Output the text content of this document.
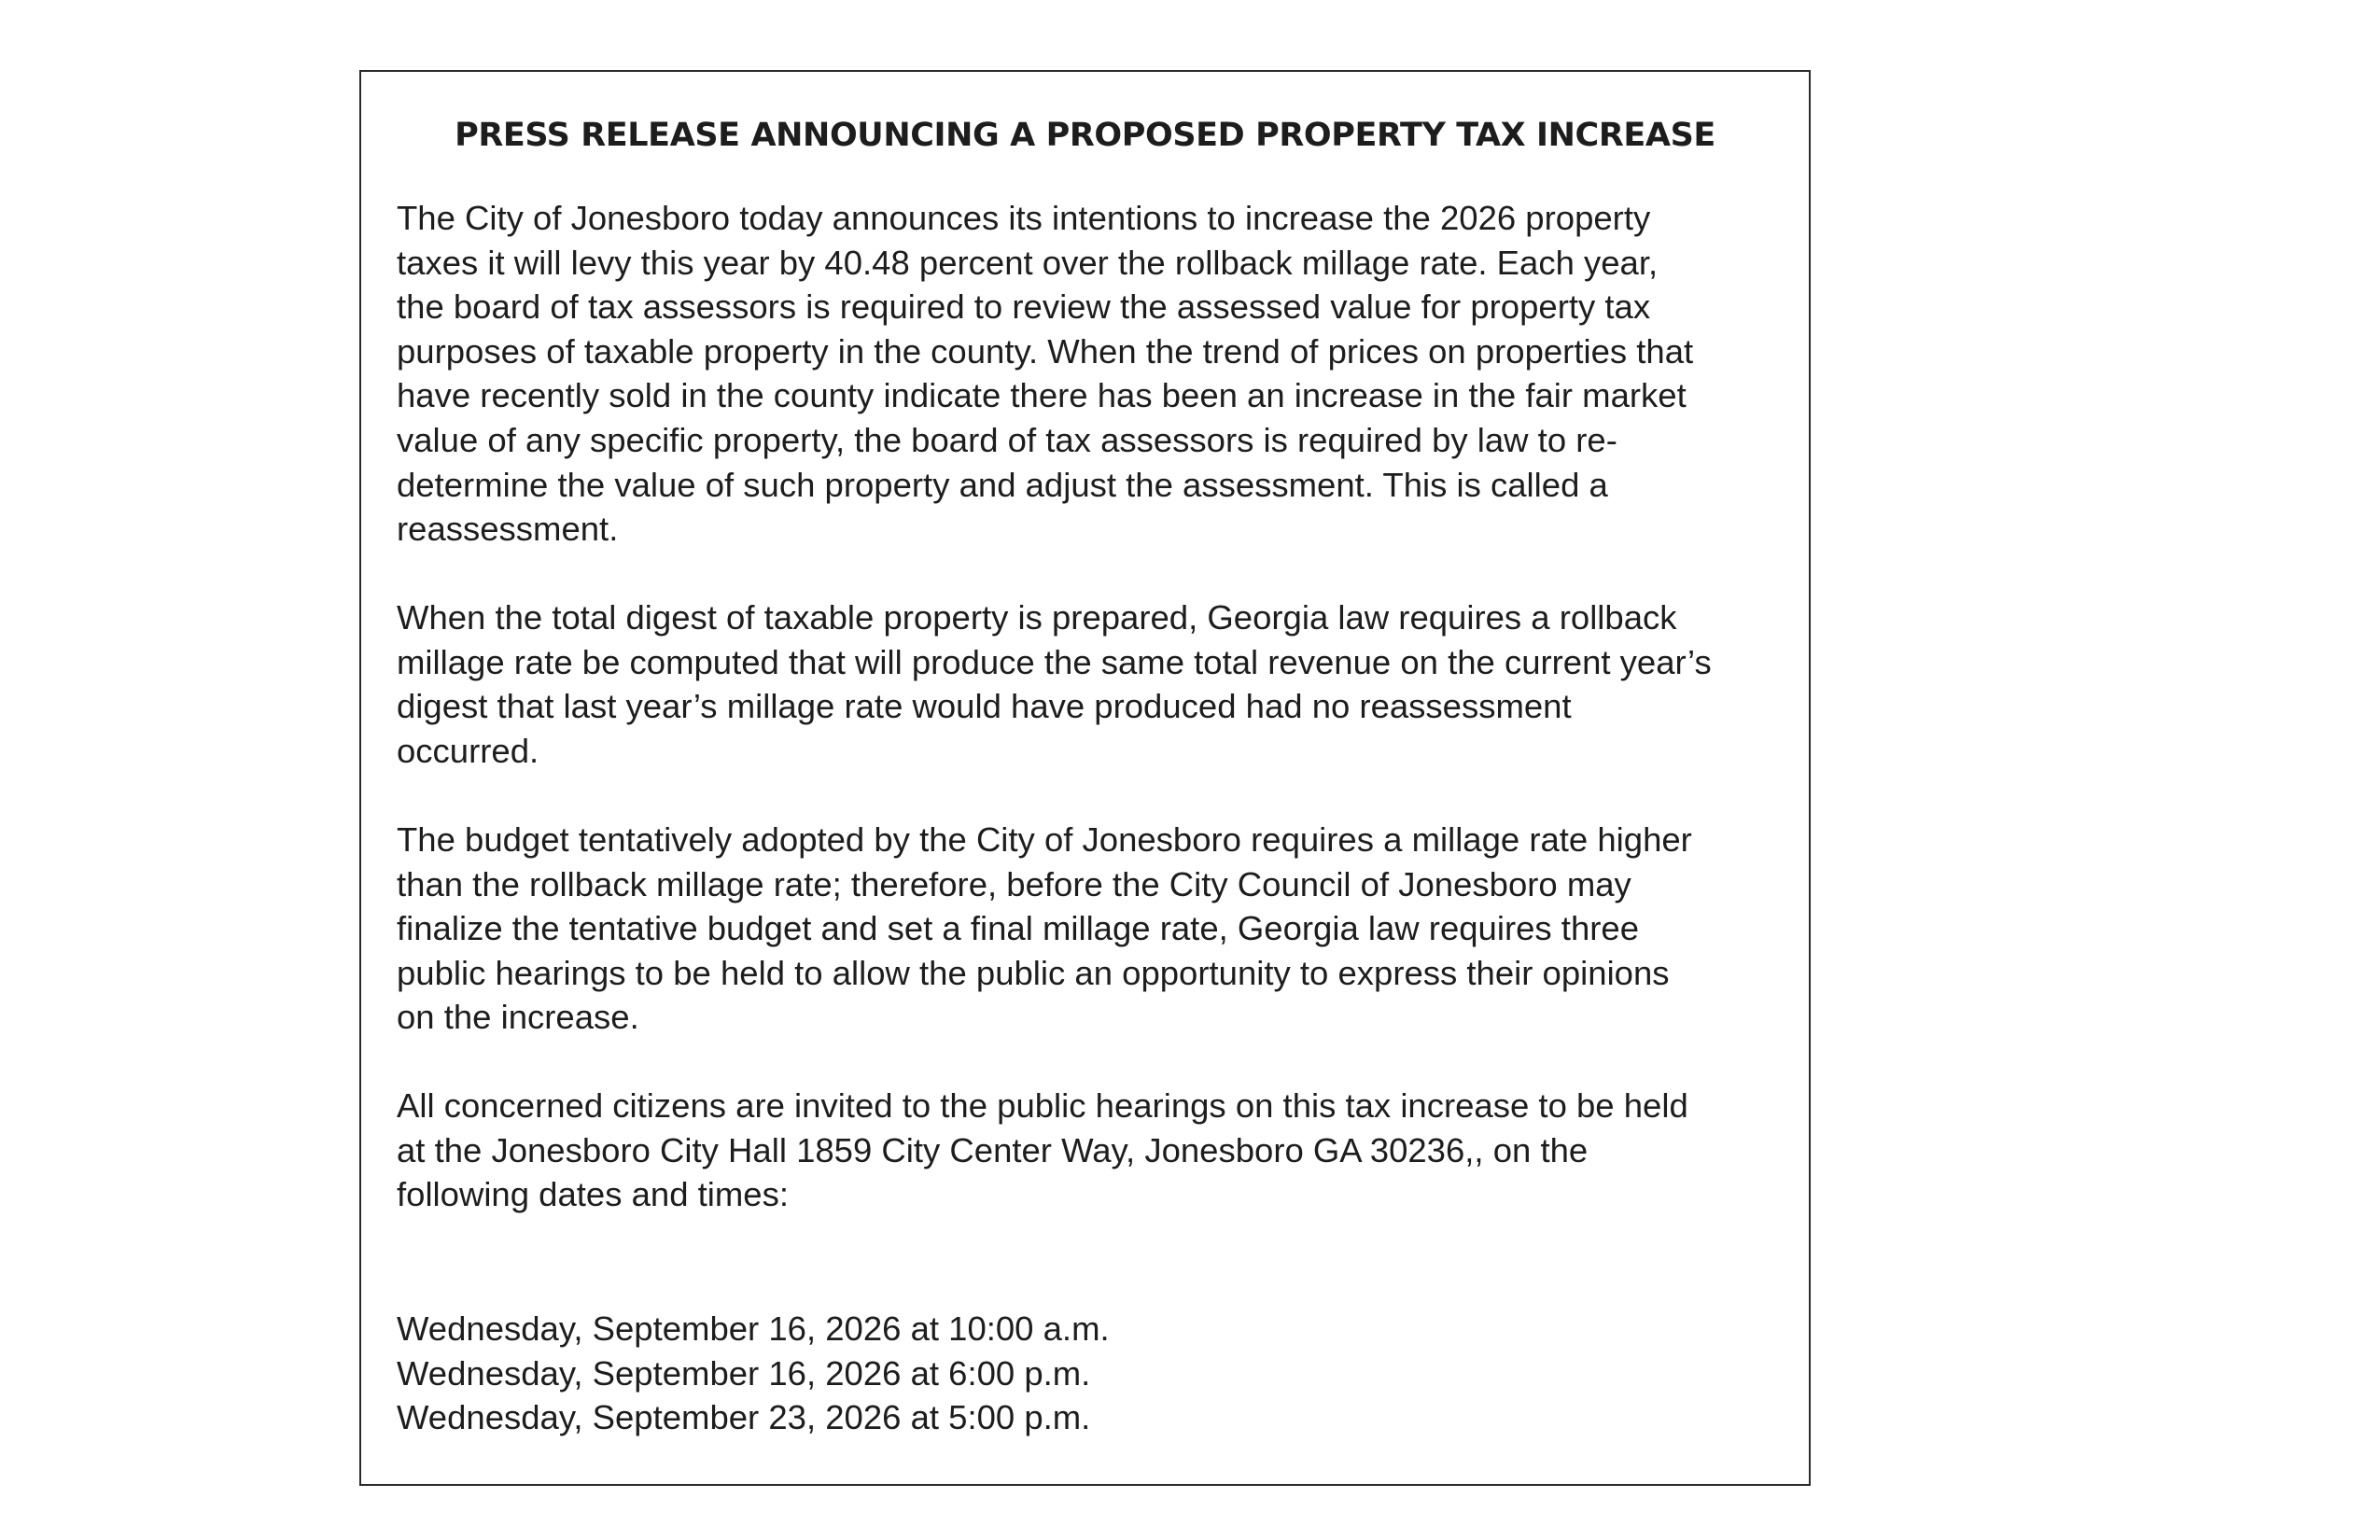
PRESS RELEASE ANNOUNCING A PROPOSED PROPERTY TAX INCREASE

The City of Jonesboro today announces its intentions to increase the 2026 property
taxes it will levy this year by 40.48 percent over the rollback millage rate. Each year,
the board of tax assessors is required to review the assessed value for property tax
purposes of taxable property in the county. When the trend of prices on properties that
have recently sold in the county indicate there has been an increase in the fair market
value of any specific property, the board of tax assessors is required by law to re-
determine the value of such property and adjust the assessment. This is called a
reassessment.

When the total digest of taxable property is prepared, Georgia law requires a rollback
millage rate be computed that will produce the same total revenue on the current year’s
digest that last year’s millage rate would have produced had no reassessment
occurred.

The budget tentatively adopted by the City of Jonesboro requires a millage rate higher
than the rollback millage rate; therefore, before the City Council of Jonesboro may
finalize the tentative budget and set a final millage rate, Georgia law requires three
public hearings to be held to allow the public an opportunity to express their opinions
on the increase.

All concerned citizens are invited to the public hearings on this tax increase to be held
at the Jonesboro City Hall 1859 City Center Way, Jonesboro GA 30236,, on the
following dates and times:

Wednesday, September 16, 2026 at 10:00 a.m.
Wednesday, September 16, 2026 at 6:00 p.m.
Wednesday, September 23, 2026 at 5:00 p.m.
